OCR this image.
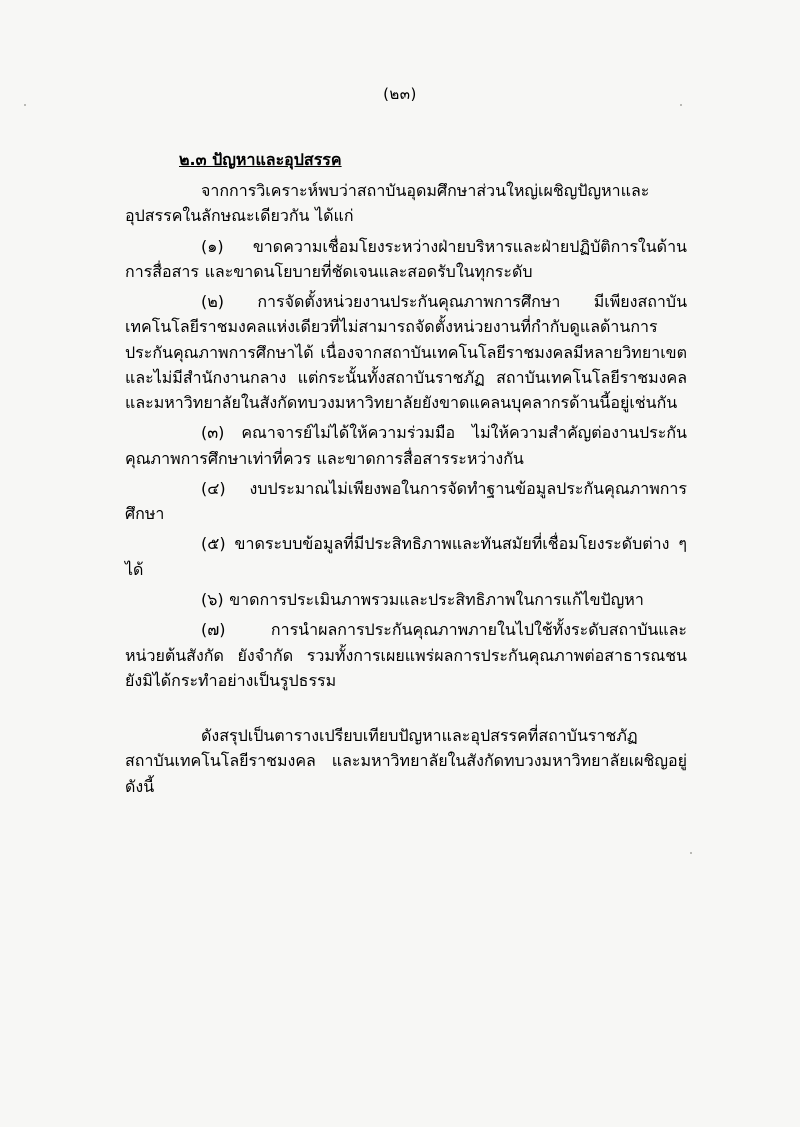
(๒๓)
๒.๓ ปัญหาและอุปสรรค

จากการวิเคราะห์พบว่าสถาบันอุดมศึกษาส่วนใหญ่เผชิญปัญหาและอุปสรรคในลักษณะเดียวกัน ได้แก่

(๑) ขาดความเชื่อมโยงระหว่างฝ่ายบริหารและฝ่ายปฏิบัติการในด้านการสื่อสาร และขาดนโยบายที่ชัดเจนและสอดรับในทุกระดับ

(๒) การจัดตั้งหน่วยงานประกันคุณภาพการศึกษา มีเพียงสถาบันเทคโนโลยีราชมงคลแห่งเดียวที่ไม่สามารถจัดตั้งหน่วยงานที่กำกับดูแลด้านการประกันคุณภาพการศึกษาได้ เนื่องจากสถาบันเทคโนโลยีราชมงคลมีหลายวิทยาเขตและไม่มีสำนักงานกลาง แต่กระนั้นทั้งสถาบันราชภัฏ สถาบันเทคโนโลยีราชมงคลและมหาวิทยาลัยในสังกัดทบวงมหาวิทยาลัยยังขาดแคลนบุคลากรด้านนี้อยู่เช่นกัน

(๓) คณาจารย์ไม่ได้ให้ความร่วมมือ ไม่ให้ความสำคัญต่องานประกันคุณภาพการศึกษาเท่าที่ควร และขาดการสื่อสารระหว่างกัน

(๔) งบประมาณไม่เพียงพอในการจัดทำฐานข้อมูลประกันคุณภาพการศึกษา

(๕) ขาดระบบข้อมูลที่มีประสิทธิภาพและทันสมัยที่เชื่อมโยงระดับต่าง ๆ ได้

(๖) ขาดการประเมินภาพรวมและประสิทธิภาพในการแก้ไขปัญหา

(๗) การนำผลการประกันคุณภาพภายในไปใช้ทั้งระดับสถาบันและหน่วยต้นสังกัด ยังจำกัด รวมทั้งการเผยแพร่ผลการประกันคุณภาพต่อสาธารณชนยังมิได้กระทำอย่างเป็นรูปธรรม

ดังสรุปเป็นตารางเปรียบเทียบปัญหาและอุปสรรคที่สถาบันราชภัฏ สถาบันเทคโนโลยีราชมงคล และมหาวิทยาลัยในสังกัดทบวงมหาวิทยาลัยเผชิญอยู่ ดังนี้
